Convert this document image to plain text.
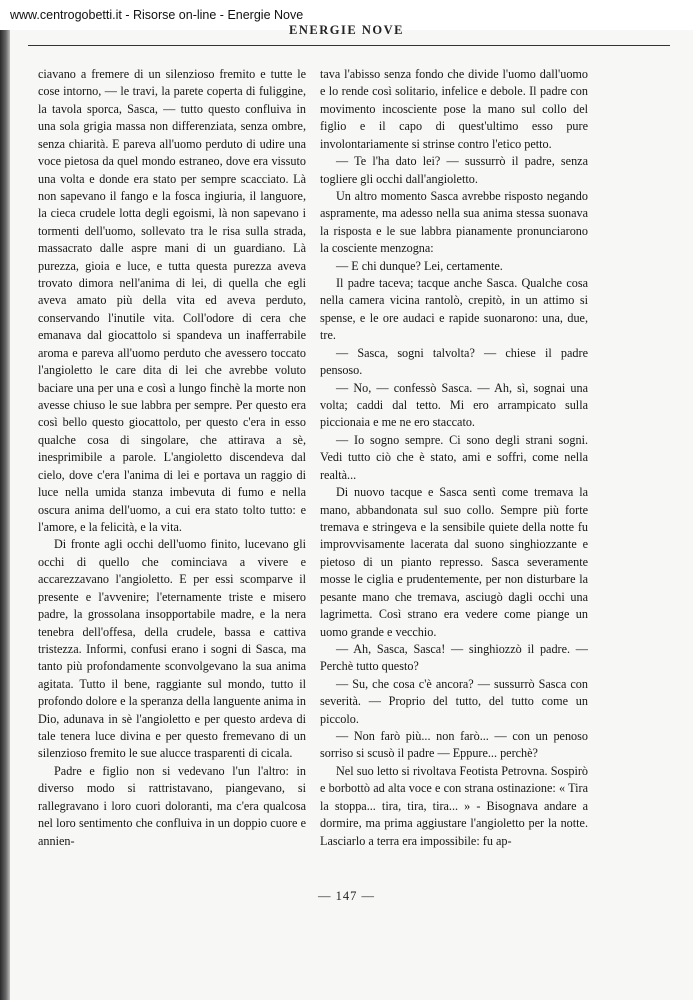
www.centrogobetti.it - Risorse on-line - Energie Nove
ENERGIE NOVE

ciavano a fremere di un silenzioso fremito e tutte le cose intorno, — le travi, la parete coperta di fuliggine, la tavola sporca, Sasca, — tutto questo confluiva in una sola grigia massa non differenziata, senza ombre, senza chiarità. E pareva all'uomo perduto di udire una voce pietosa da quel mondo estraneo, dove era vissuto una volta e donde era stato per sempre scacciato. Là non sapevano il fango e la fosca ingiuria, il languore, la cieca crudele lotta degli egoismi, là non sapevano i tormenti dell'uomo, sollevato tra le risa sulla strada, massacrato dalle aspre mani di un guardiano. Là purezza, gioia e luce, e tutta questa purezza aveva trovato dimora nell'anima di lei, di quella che egli aveva amato più della vita ed aveva perduto, conservando l'inutile vita. Coll'odore di cera che emanava dal giocattolo si spandeva un inafferrabile aroma e pareva all'uomo perduto che avessero toccato l'angioletto le care dita di lei che avrebbe voluto baciare una per una e così a lungo finchè la morte non avesse chiuso le sue labbra per sempre. Per questo era così bello questo giocattolo, per questo c'era in esso qualche cosa di singolare, che attirava a sè, inesprimibile a parole. L'angioletto discendeva dal cielo, dove c'era l'anima di lei e portava un raggio di luce nella umida stanza imbevuta di fumo e nella oscura anima dell'uomo, a cui era stato tolto tutto: e l'amore, e la felicità, e la vita.

Di fronte agli occhi dell'uomo finito, lucevano gli occhi di quello che cominciava a vivere e accarezzavano l'angioletto. E per essi scomparve il presente e l'avvenire; l'eternamente triste e misero padre, la grossolana insopportabile madre, e la nera tenebra dell'offesa, della crudele, bassa e cattiva tristezza. Informi, confusi erano i sogni di Sasca, ma tanto più profondamente sconvolgevano la sua anima agitata. Tutto il bene, raggiante sul mondo, tutto il profondo dolore e la speranza della languente anima in Dio, adunava in sè l'angioletto e per questo ardeva di tale tenera luce divina e per questo fremevano di un silenzioso fremito le sue alucce trasparenti di cicala.

Padre e figlio non si vedevano l'un l'altro: in diverso modo si rattristavano, piangevano, si rallegravano i loro cuori doloranti, ma c'era qualcosa nel loro sentimento che confluiva in un doppio cuore e annien-

tava l'abisso senza fondo che divide l'uomo dall'uomo e lo rende così solitario, infelice e debole. Il padre con movimento incosciente pose la mano sul collo del figlio e il capo di quest'ultimo esso pure involontariamente si strinse contro l'etico petto.

— Te l'ha dato lei? — sussurrò il padre, senza togliere gli occhi dall'angioletto.

Un altro momento Sasca avrebbe risposto negando aspramente, ma adesso nella sua anima stessa suonava la risposta e le sue labbra pianamente pronunciarono la cosciente menzogna:

— E chi dunque? Lei, certamente.

Il padre taceva; tacque anche Sasca. Qualche cosa nella camera vicina rantolò, crepitò, in un attimo si spense, e le ore audaci e rapide suonarono: una, due, tre.

— Sasca, sogni talvolta? — chiese il padre pensoso.

— No, — confessò Sasca. — Ah, sì, sognai una volta; caddi dal tetto. Mi ero arrampicato sulla piccionaia e me ne ero staccato.

— Io sogno sempre. Ci sono degli strani sogni. Vedi tutto ciò che è stato, ami e soffri, come nella realtà...

Di nuovo tacque e Sasca sentì come tremava la mano, abbandonata sul suo collo. Sempre più forte tremava e stringeva e la sensibile quiete della notte fu improvvisamente lacerata dal suono singhiozzante e pietoso di un pianto represso. Sasca severamente mosse le ciglia e prudentemente, per non disturbare la pesante mano che tremava, asciugò dagli occhi una lagrimetta. Così strano era vedere come piange un uomo grande e vecchio.

— Ah, Sasca, Sasca! — singhiozzò il padre. — Perchè tutto questo?

— Su, che cosa c'è ancora? — sussurrò Sasca con severità. — Proprio del tutto, del tutto come un piccolo.

— Non farò più... non farò... — con un penoso sorriso si scusò il padre — Eppure... perchè?

Nel suo letto si rivoltava Feotista Petrovna. Sospirò e borbottò ad alta voce e con strana ostinazione: « Tira la stoppa... tira, tira, tira... » - Bisognava andare a dormire, ma prima aggiustare l'angioletto per la notte. Lasciarlo a terra era impossibile: fu ap-

— 147 —
